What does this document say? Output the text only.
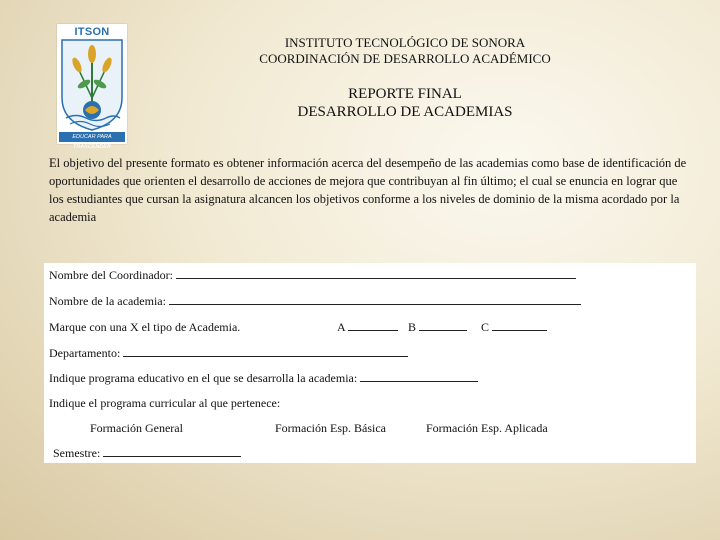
ITSON
EDUCAR PARA TRASCENDER
INSTITUTO TECNOLÓGICO DE SONORA
COORDINACIÓN DE DESARROLLO ACADÉMICO
REPORTE FINAL
DESARROLLO DE ACADEMIAS
El objetivo del presente formato es obtener información acerca del desempeño de las academias como base de identificación de oportunidades que orienten el desarrollo de acciones de mejora que contribuyan al fin último; el cual se enuncia en lograr que los estudiantes que cursan la asignatura alcancen los objetivos conforme a los niveles de dominio de la misma acordado por la academia
Nombre del Coordinador:
Nombre de la academia:
Marque con una X el tipo de Academia.	A	B	C
Departamento:
Indique programa educativo en el que se desarrolla la academia:
Indique el programa curricular al que pertenece:
Formación General	Formación Esp. Básica	Formación Esp. Aplicada
Semestre:
